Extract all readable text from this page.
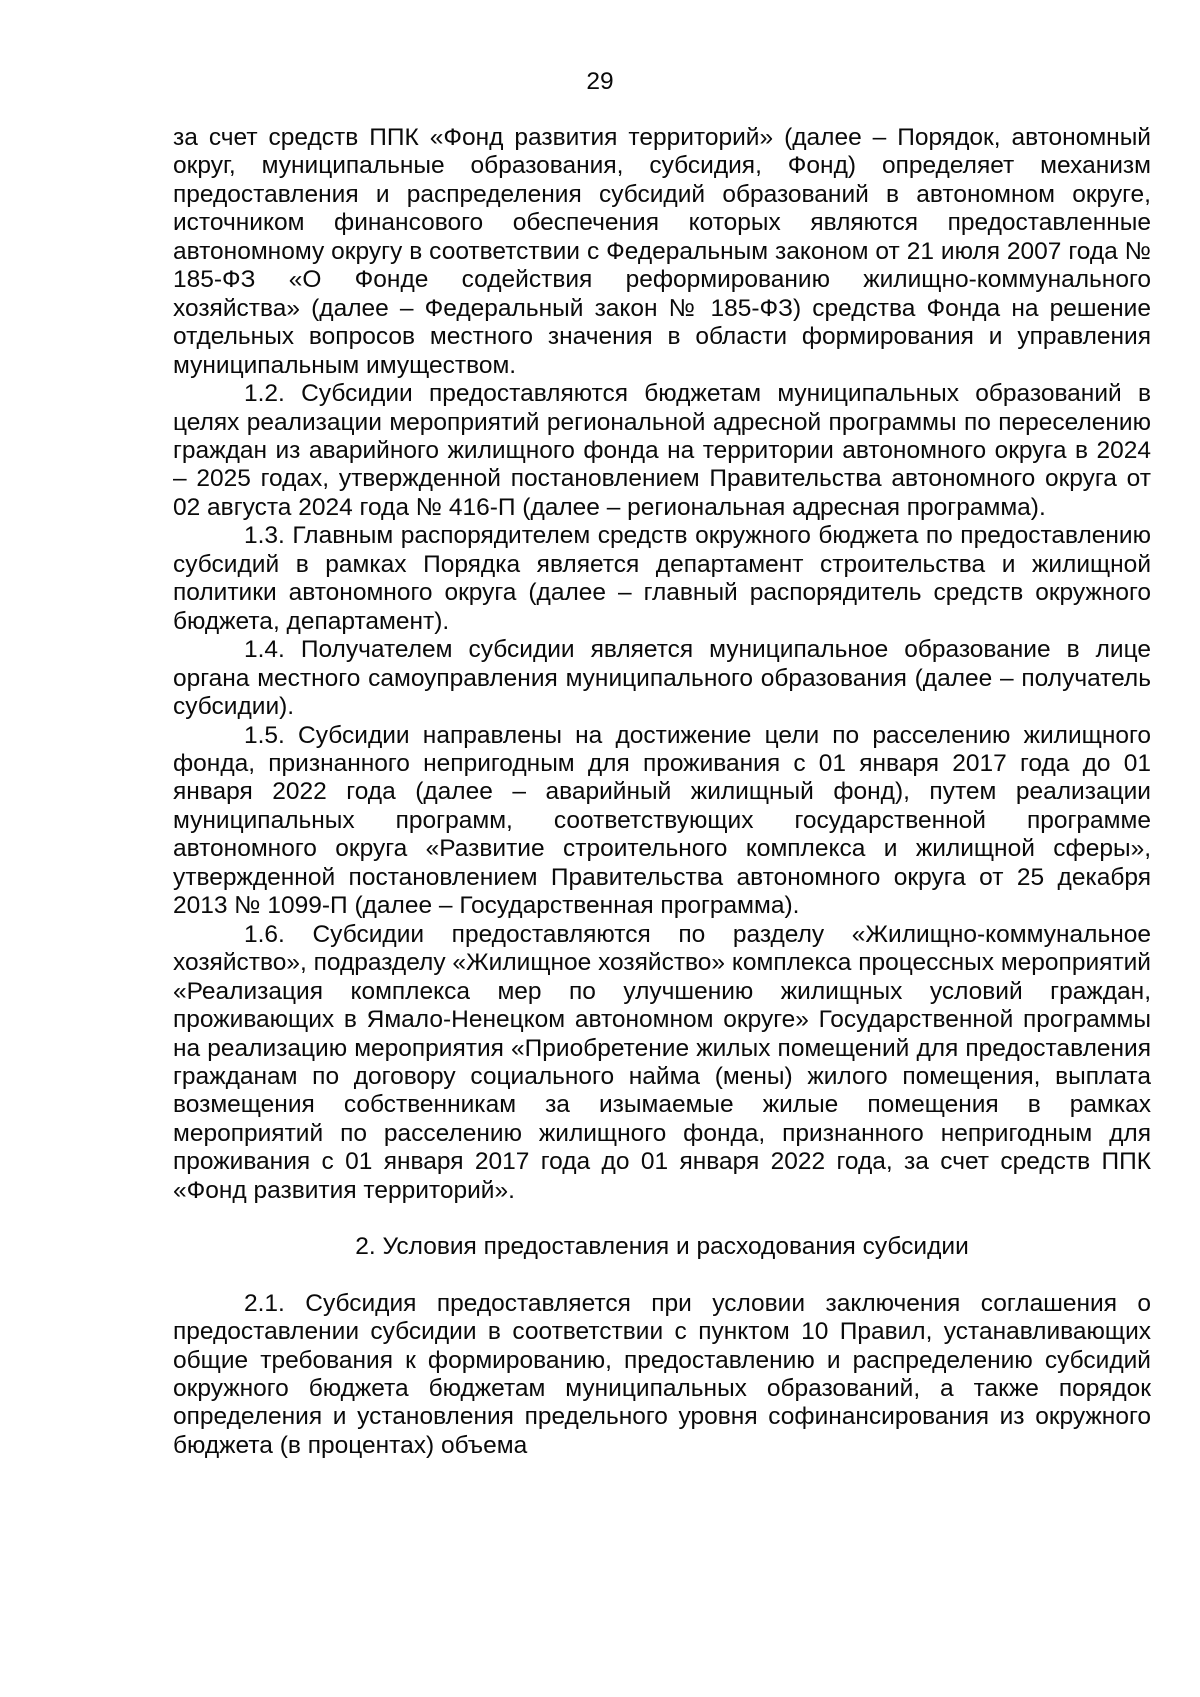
29

за счет средств ППК «Фонд развития территорий» (далее – Порядок, автономный округ, муниципальные образования, субсидия, Фонд) определяет механизм предоставления и распределения субсидий образований в автономном округе, источником финансового обеспечения которых являются предоставленные автономному округу в соответствии с Федеральным законом от 21 июля 2007 года № 185-ФЗ «О Фонде содействия реформированию жилищно-коммунального хозяйства» (далее – Федеральный закон № 185-ФЗ) средства Фонда на решение отдельных вопросов местного значения в области формирования и управления муниципальным имуществом.

1.2. Субсидии предоставляются бюджетам муниципальных образований в целях реализации мероприятий региональной адресной программы по переселению граждан из аварийного жилищного фонда на территории автономного округа в 2024 – 2025 годах, утвержденной постановлением Правительства автономного округа от 02 августа 2024 года № 416-П (далее – региональная адресная программа).

1.3. Главным распорядителем средств окружного бюджета по предоставлению субсидий в рамках Порядка является департамент строительства и жилищной политики автономного округа (далее – главный распорядитель средств окружного бюджета, департамент).

1.4. Получателем субсидии является муниципальное образование в лице органа местного самоуправления муниципального образования (далее – получатель субсидии).

1.5. Субсидии направлены на достижение цели по расселению жилищного фонда, признанного непригодным для проживания с 01 января 2017 года до 01 января 2022 года (далее – аварийный жилищный фонд), путем реализации муниципальных программ, соответствующих государственной программе автономного округа «Развитие строительного комплекса и жилищной сферы», утвержденной постановлением Правительства автономного округа от 25 декабря 2013 № 1099-П (далее – Государственная программа).

1.6. Субсидии предоставляются по разделу «Жилищно-коммунальное хозяйство», подразделу «Жилищное хозяйство» комплекса процессных мероприятий «Реализация комплекса мер по улучшению жилищных условий граждан, проживающих в Ямало-Ненецком автономном округе» Государственной программы на реализацию мероприятия «Приобретение жилых помещений для предоставления гражданам по договору социального найма (мены) жилого помещения, выплата возмещения собственникам за изымаемые жилые помещения в рамках мероприятий по расселению жилищного фонда, признанного непригодным для проживания с 01 января 2017 года до 01 января 2022 года, за счет средств ППК «Фонд развития территорий».

2. Условия предоставления и расходования субсидии

2.1. Субсидия предоставляется при условии заключения соглашения о предоставлении субсидии в соответствии с пунктом 10 Правил, устанавливающих общие требования к формированию, предоставлению и распределению субсидий окружного бюджета бюджетам муниципальных образований, а также порядок определения и установления предельного уровня софинансирования из окружного бюджета (в процентах) объема
